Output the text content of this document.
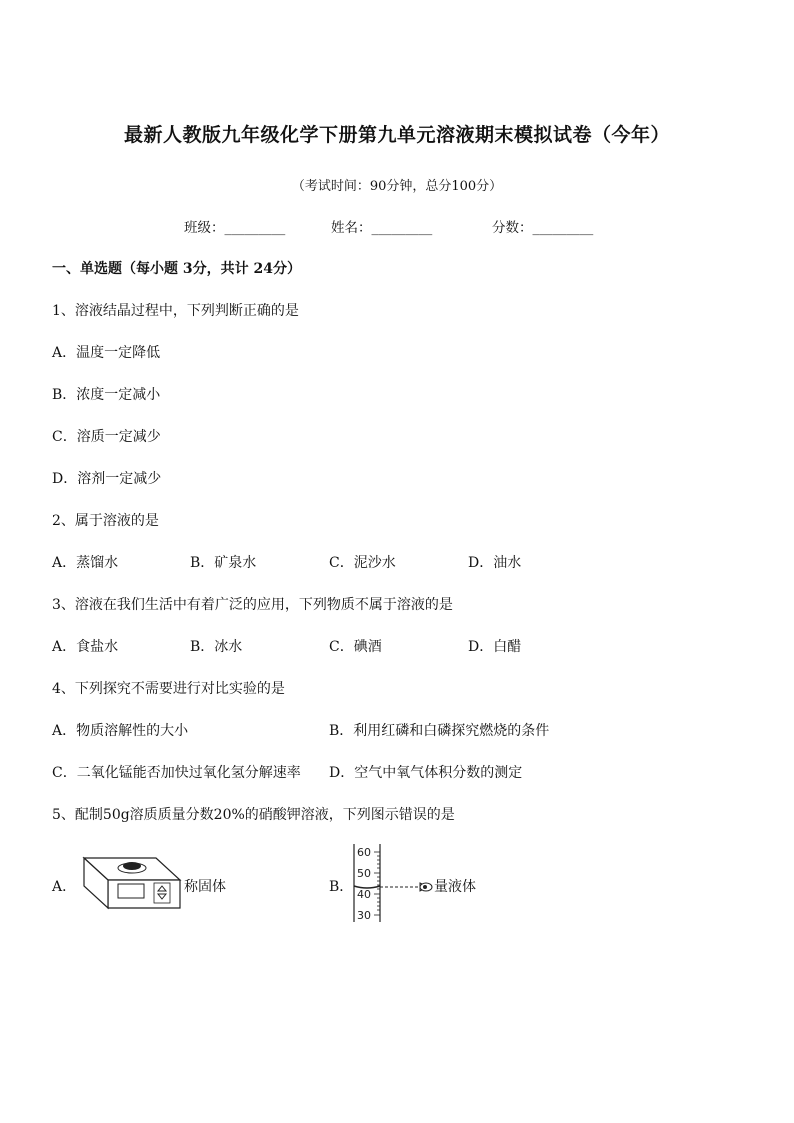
最新人教版九年级化学下册第九单元溶液期末模拟试卷（今年）
（考试时间：90分钟，总分100分）
班级：_________	姓名：_________	分数：_________
一、单选题（每小题 3分，共计 24分）
1、溶液结晶过程中，下列判断正确的是
A．温度一定降低
B．浓度一定减小
C．溶质一定减少
D．溶剂一定减少
2、属于溶液的是
A．蒸馏水	B．矿泉水	C．泥沙水	D．油水
3、溶液在我们生活中有着广泛的应用，下列物质不属于溶液的是
A．食盐水	B．冰水	C．碘酒	D．白醋
4、下列探究不需要进行对比实验的是
A．物质溶解性的大小	B．利用红磷和白磷探究燃烧的条件
C．二氧化锰能否加快过氧化氢分解速率 D．空气中氧气体积分数的测定
5、配制50g溶质质量分数20%的硝酸钾溶液，下列图示错误的是
A．	称固体	B．
60
50
40
30
量液体
